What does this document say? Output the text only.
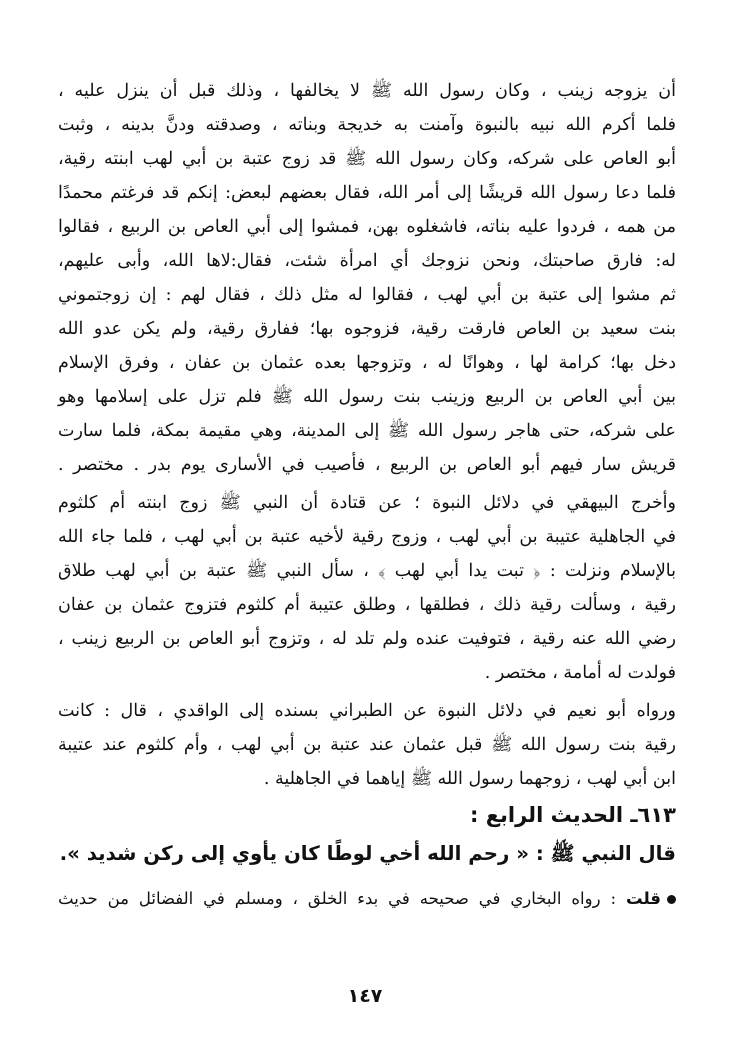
أن يزوجه زينب ، وكان رسول الله ﷺ لا يخالفها ، وذلك قبل أن ينزل عليه ،
فلما أكرم الله نبيه بالنبوة وآمنت به خديجة وبناته ، وصدقته ودنَّ بدينه ، وثبت
أبو العاص على شركه، وكان رسول الله ﷺ قد زوج عتبة بن أبي لهب ابنته رقية،
فلما دعا رسول الله قريشًا إلى أمر الله، فقال بعضهم لبعض: إنكم قد فرغتم محمدًا
من همه ، فردوا عليه بناته، فاشغلوه بهن، فمشوا إلى أبي العاص بن الربيع ، فقالوا
له: فارق صاحبتك، ونحن نزوجك أي امرأة شئت، فقال:لاها الله، وأبى عليهم،
ثم مشوا إلى عتبة بن أبي لهب ، فقالوا له مثل ذلك ، فقال لهم : إن زوجتموني
بنت سعيد بن العاص فارقت رقية، فزوجوه بها؛ ففارق رقية، ولم يكن عدو الله
دخل بها؛ كرامة لها ، وهوانًا له ، وتزوجها بعده عثمان بن عفان ، وفرق الإسلام
بين أبي العاص بن الربيع وزينب بنت رسول الله ﷺ فلم تزل على إسلامها وهو
على شركه، حتى هاجر رسول الله ﷺ إلى المدينة، وهي مقيمة بمكة، فلما سارت
قريش سار فيهم أبو العاص بن الربيع ، فأصيب في الأسارى يوم بدر . مختصر .
وأخرج البيهقي في دلائل النبوة ؛ عن قتادة أن النبي ﷺ زوج ابنته أم كلثوم
في الجاهلية عتيبة بن أبي لهب ، وزوج رقية لأخيه عتبة بن أبي لهب ، فلما جاء الله
بالإسلام ونزلت : ﴿ تبت يدا أبي لهب ﴾ ، سأل النبي ﷺ عتبة بن أبي لهب طلاق
رقية ، وسألت رقية ذلك ، فطلقها ، وطلق عتيبة أم كلثوم فتزوج عثمان بن عفان
رضي الله عنه رقية ، فتوفيت عنده ولم تلد له ، وتزوج أبو العاص بن الربيع زينب ،
فولدت له أمامة ، مختصر .
ورواه أبو نعيم في دلائل النبوة عن الطبراني بسنده إلى الواقدي ، قال : كانت
رقية بنت رسول الله ﷺ قبل عثمان عند عتبة بن أبي لهب ، وأم كلثوم عند عتيبة
ابن أبي لهب ، زوجهما رسول الله ﷺ إياهما في الجاهلية .
٦١٣ـ الحديث الرابع :
قال النبي ﷺ : « رحم الله أخي لوطًا كان يأوي إلى ركن شديد ».
قلت : رواه البخاري في صحيحه في بدء الخلق ، ومسلم في الفضائل من حديث
١٤٧
